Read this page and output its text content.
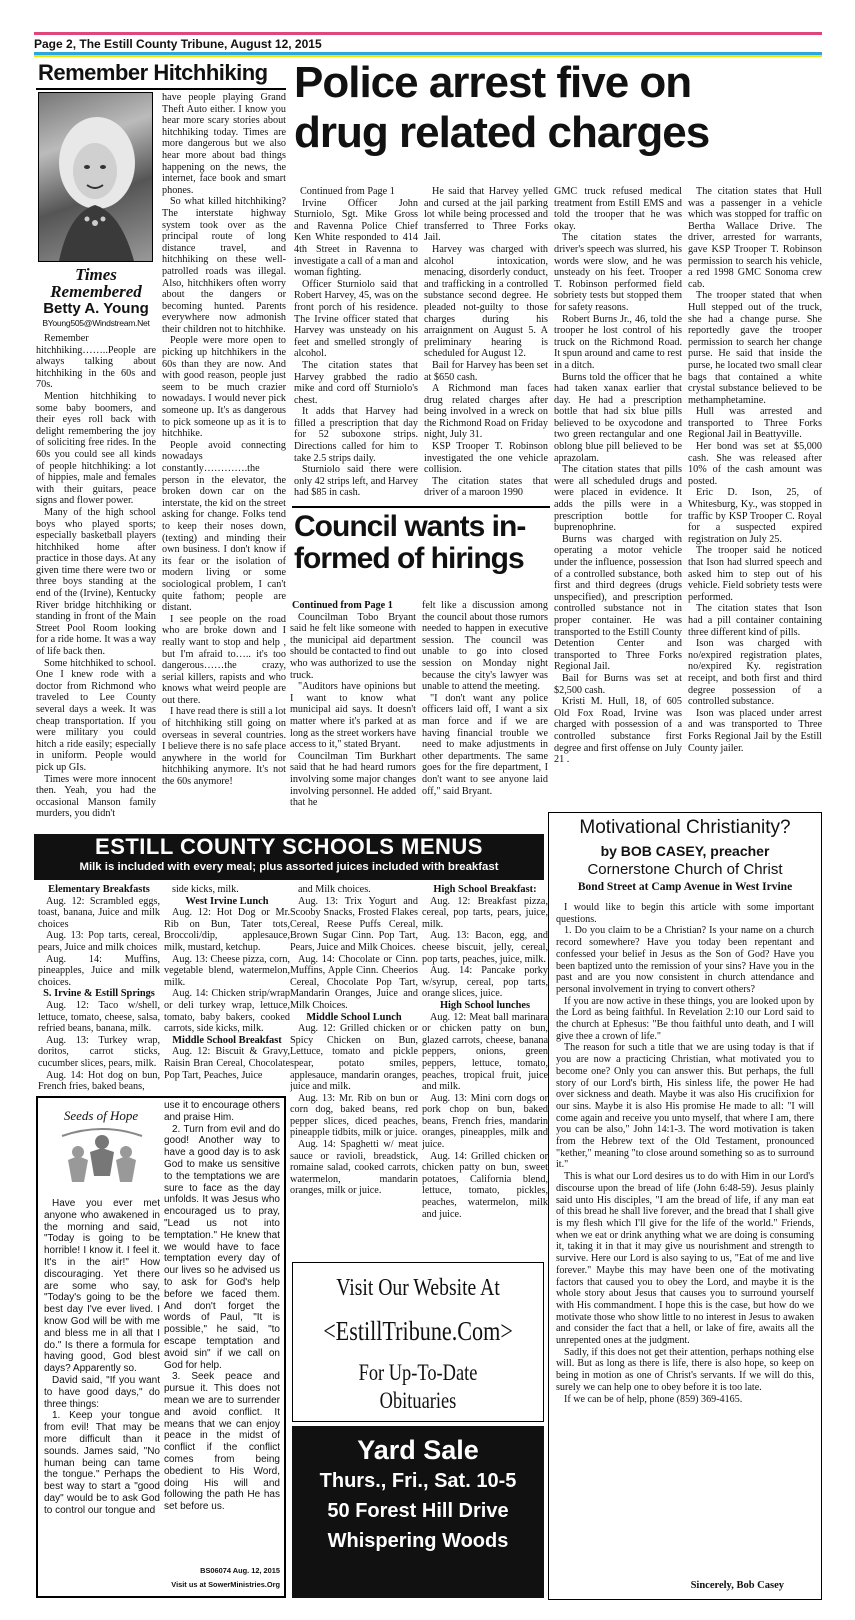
Page 2, The Estill County Tribune, August 12, 2015
Remember Hitchhiking
Times
Remembered
Betty A. Young
BYoung505@Windstream.Net

Remember hitchhiking……..People are always talking about hitchhiking in the 60s and 70s.

Mention hitchhiking to some baby boomers, and their eyes roll back with delight remembering the joy of soliciting free rides. In the 60s you could see all kinds of people hitchhiking: a lot of hippies, male and females with their guitars, peace signs and flower power.

Many of the high school boys who played sports; especially basketball players hitchhiked home after practice in those days. At any given time there were two or three boys standing at the end of the (Irvine), Kentucky River bridge hitchhiking or standing in front of the Main Street Pool Room looking for a ride home. It was a way of life back then.

Some hitchhiked to school. One I knew rode with a doctor from Richmond who traveled to Lee County several days a week. It was cheap transportation. If you were military you could hitch a ride easily; especially in uniform. People would pick up GIs.

Times were more innocent then. Yeah, you had the occasional Manson family murders, you didn't

have people playing Grand Theft Auto either. I know you hear more scary stories about hitchhiking today. Times are more dangerous but we also hear more about bad things happening on the news, the internet, face book and smart phones.

So what killed hitchhiking? The interstate highway system took over as the principal route of long distance travel, and hitchhiking on these well-patrolled roads was illegal. Also, hitchhikers often worry about the dangers or becoming hunted. Parents everywhere now admonish their children not to hitchhike.

People were more open to picking up hitchhikers in the 60s than they are now. And with good reason, people just seem to be much crazier nowadays. I would never pick someone up. It's as dangerous to pick someone up as it is to hitchhike.

People avoid connecting nowadays constantly………….the person in the elevator, the broken down car on the interstate, the kid on the street asking for change. Folks tend to keep their noses down, (texting) and minding their own business. I don't know if its fear or the isolation of modern living or some sociological problem, I can't quite fathom; people are distant.

I see people on the road who are broke down and I really want to stop and help , but I'm afraid to….. it's too dangerous……the crazy, serial killers, rapists and who knows what weird people are out there.

I have read there is still a lot of hitchhiking still going on overseas in several countries. I believe there is no safe place anywhere in the world for hitchhiking anymore. It's not the 60s anymore!

Police arrest five on
drug related charges

Continued from Page 1

Irvine Officer John Sturniolo, Sgt. Mike Gross and Ravenna Police Chief Ken White responded to 414 4th Street in Ravenna to investigate a call of a man and woman fighting.

Officer Sturniolo said that Robert Harvey, 45, was on the front porch of his residence. The Irvine officer stated that Harvey was unsteady on his feet and smelled strongly of alcohol.

The citation states that Harvey grabbed the radio mike and cord off Sturniolo's chest.

It adds that Harvey had filled a prescription that day for 52 suboxone strips. Directions called for him to take 2.5 strips daily.

Sturniolo said there were only 42 strips left, and Harvey had $85 in cash.

He said that Harvey yelled and cursed at the jail parking lot while being processed and transferred to Three Forks Jail.

Harvey was charged with alcohol intoxication, menacing, disorderly conduct, and trafficking in a controlled substance second degree. He pleaded not-guilty to those charges during his arraignment on August 5. A preliminary hearing is scheduled for August 12.

Bail for Harvey has been set at $650 cash.

A Richmond man faces drug related charges after being involved in a wreck on the Richmond Road on Friday night, July 31.

KSP Trooper T. Robinson investigated the one vehicle collision.

The citation states that driver of a maroon 1990

GMC truck refused medical treatment from Estill EMS and told the trooper that he was okay.

The citation states the driver's speech was slurred, his words were slow, and he was unsteady on his feet. Trooper T. Robinson performed field sobriety tests but stopped them for safety reasons.

Robert Burns Jr., 46, told the trooper he lost control of his truck on the Richmond Road. It spun around and came to rest in a ditch.

Burns told the officer that he had taken xanax earlier that day. He had a prescription bottle that had six blue pills believed to be oxycodone and two green rectangular and one oblong blue pill believed to be aprazolam.

The citation states that pills were all scheduled drugs and were placed in evidence. It adds the pills were in a prescription bottle for buprenophrine.

Burns was charged with operating a motor vehicle under the influence, possession of a controlled substance, both first and third degrees (drugs unspecified), and prescription controlled substance not in proper container. He was transported to the Estill County Detention Center and transported to Three Forks Regional Jail.

Bail for Burns was set at $2,500 cash.

Kristi M. Hull, 18, of 605 Old Fox Road, Irvine was charged with possession of a controlled substance first degree and first offense on July 21 .

The citation states that Hull was a passenger in a vehicle which was stopped for traffic on Bertha Wallace Drive. The driver, arrested for warrants, gave KSP Trooper T. Robinson permission to search his vehicle, a red 1998 GMC Sonoma crew cab.

The trooper stated that when Hull stepped out of the truck, she had a change purse. She reportedly gave the trooper permission to search her change purse. He said that inside the purse, he located two small clear bags that contained a white crystal substance believed to be methamphetamine.

Hull was arrested and transported to Three Forks Regional Jail in Beattyville.

Her bond was set at $5,000 cash. She was released after 10% of the cash amount was posted.

Eric D. Ison, 25, of Whitesburg, Ky., was stopped in traffic by KSP Trooper C. Royal for a suspected expired registration on July 25.

The trooper said he noticed that Ison had slurred speech and asked him to step out of his vehicle. Field sobriety tests were performed.

The citation states that Ison had a pill container containing three different kind of pills.

Ison was charged with no/expired registration plates, no/expired Ky. registration receipt, and both first and third degree possession of a controlled substance.

Ison was placed under arrest and was transported to Three Forks Regional Jail by the Estill County jailer.

Council wants in-
formed of hirings

Continued from Page 1

Councilman Tobo Bryant said he felt like someone with the municipal aid department should be contacted to find out who was authorized to use the truck.

"Auditors have opinions but I want to know what municipal aid says. It doesn't matter where it's parked at as long as the street workers have access to it," stated Bryant.

Councilman Tim Burkhart said that he had heard rumors involving some major changes involving personnel. He added that he

felt like a discussion among the council about those rumors needed to happen in executive session. The council was unable to go into closed session on Monday night because the city's lawyer was unable to attend the meeting.

"I don't want any police officers laid off, I want a six man force and if we are having financial trouble we need to make adjustments in other departments. The same goes for the fire department, I don't want to see anyone laid off," said Bryant.

ESTILL COUNTY SCHOOLS MENUS
Milk is included with every meal; plus assorted juices included with breakfast

Elementary Breakfasts

Aug. 12: Scrambled eggs, toast, banana, Juice and milk choices

Aug. 13: Pop tarts, cereal, pears, Juice and milk choices

Aug. 14: Muffins, pineapples, Juice and milk choices.

S. Irvine & Estill Springs

Aug. 12: Taco w/shell, lettuce, tomato, cheese, salsa, refried beans, banana, milk.

Aug. 13: Turkey wrap, doritos, carrot sticks, cucumber slices, pears, milk.

Aug. 14: Hot dog on bun, French fries, baked beans,

side kicks, milk.

West Irvine Lunch

Aug. 12: Hot Dog or Mr. Rib on Bun, Tater tots, Broccoli/dip, applesauce, milk, mustard, ketchup.

Aug. 13: Cheese pizza, corn, vegetable blend, watermelon, milk.

Aug. 14: Chicken strip/wrap or deli turkey wrap, lettuce, tomato, baby bakers, cooked carrots, side kicks, milk.

Middle School Breakfast

Aug. 12: Biscuit & Gravy, Raisin Bran Cereal, Chocolate Pop Tart, Peaches, Juice

and Milk choices.

Aug. 13: Trix Yogurt and Scooby Snacks, Frosted Flakes Cereal, Reese Puffs Cereal, Brown Sugar Cinn. Pop Tart, Pears, Juice and Milk Choices.

Aug. 14: Chocolate or Cinn. Muffins, Apple Cinn. Cheerios Cereal, Chocolate Pop Tart, Mandarin Oranges, Juice and Milk Choices.

Middle School Lunch

Aug. 12: Grilled chicken or Spicy Chicken on Bun, Lettuce, tomato and pickle spear, potato smiles, applesauce, mandarin oranges, juice and milk.

Aug. 13: Mr. Rib on bun or corn dog, baked beans, red pepper slices, diced peaches, pineapple tidbits, milk or juice.

Aug. 14: Spaghetti w/ meat sauce or ravioli, breadstick, romaine salad, cooked carrots, watermelon, mandarin oranges, milk or juice.

High School Breakfast:

Aug. 12: Breakfast pizza, cereal, pop tarts, pears, juice, milk.

Aug. 13: Bacon, egg, and cheese biscuit, jelly, cereal, pop tarts, peaches, juice, milk.

Aug. 14: Pancake porky w/syrup, cereal, pop tarts, orange slices, juice.

High School lunches

Aug. 12: Meat ball marinara or chicken patty on bun, glazed carrots, cheese, banana peppers, onions, green peppers, lettuce, tomato, peaches, tropical fruit, juice and milk.

Aug. 13: Mini corn dogs or pork chop on bun, baked beans, French fries, mandarin oranges, pineapples, milk and juice.

Aug. 14: Grilled chicken or chicken patty on bun, sweet potatoes, California blend, lettuce, tomato, pickles, peaches, watermelon, milk and juice.

Seeds of Hope

Have you ever met anyone who awakened in the morning and said, "Today is going to be horrible! I know it. I feel it. It's in the air!" How discouraging. Yet there are some who say, "Today's going to be the best day I've ever lived. I know God will be with me and bless me in all that I do." Is there a formula for having good, God blest days? Apparently so.

David said, "If you want to have good days," do three things:

1. Keep your tongue from evil! That may be more difficult than it sounds. James said, "No human being can tame the tongue." Perhaps the best way to start a "good day" would be to ask God to control our tongue and

use it to encourage others and praise Him.

2. Turn from evil and do good! Another way to have a good day is to ask God to make us sensitive to the temptations we are sure to face as the day unfolds. It was Jesus who encouraged us to pray, "Lead us not into temptation." He knew that we would have to face temptation every day of our lives so he advised us to ask for God's help before we faced them. And don't forget the words of Paul, "It is possible," he said, "to escape temptation and avoid sin" if we call on God for help.

3. Seek peace and pursue it. This does not mean we are to surrender and avoid conflict. It means that we can enjoy peace in the midst of conflict if the conflict comes from being obedient to His Word, doing His will and following the path He has set before us.

BS06074 Aug. 12, 2015
Visit us at SowerMinistries.Org
Visit Our Website At
<EstillTribune.Com>
For Up-To-Date Obituaries
Yard Sale
Thurs., Fri., Sat. 10-5
50 Forest Hill Drive
Whispering Woods
Motivational Christianity?
by BOB CASEY, preacher
Cornerstone Church of Christ
Bond Street at Camp Avenue in West Irvine

I would like to begin this article with some important questions.

1. Do you claim to be a Christian? Is your name on a church record somewhere? Have you today been repentant and confessed your belief in Jesus as the Son of God? Have you been baptized unto the remission of your sins? Have you in the past and are you now consistent in church attendance and personal involvement in trying to convert others?

If you are now active in these things, you are looked upon by the Lord as being faithful. In Revelation 2:10 our Lord said to the church at Ephesus: "Be thou faithful unto death, and I will give thee a crown of life."

The reason for such a title that we are using today is that if you are now a practicing Christian, what motivated you to become one? Only you can answer this. But perhaps, the full story of our Lord's birth, His sinless life, the power He had over sickness and death. Maybe it was also His crucifixion for our sins. Maybe it is also His promise He made to all: "I will come again and receive you unto myself, that where I am, there you can be also," John 14:1-3. The word motivation is taken from the Hebrew text of the Old Testament, pronounced "kether," meaning "to close around something so as to surround it."

This is what our Lord desires us to do with Him in our Lord's discourse upon the bread of life (John 6:48-59). Jesus plainly said unto His disciples, "I am the bread of life, if any man eat of this bread he shall live forever, and the bread that I shall give is my flesh which I'll give for the life of the world." Friends, when we eat or drink anything what we are doing is consuming it, taking it in that it may give us nourishment and strength to survive. Here our Lord is also saying to us, "Eat of me and live forever." Maybe this may have been one of the motivating factors that caused you to obey the Lord, and maybe it is the whole story about Jesus that causes you to surround yourself with His commandment. I hope this is the case, but how do we motivate those who show little to no interest in Jesus to awaken and consider the fact that a hell, or lake of fire, awaits all the unrepented ones at the judgment.

Sadly, if this does not get their attention, perhaps nothing else will. But as long as there is life, there is also hope, so keep on being in motion as one of Christ's servants. If we will do this, surely we can help one to obey before it is too late.

If we can be of help, phone (859) 369-4165.

Sincerely, Bob Casey
